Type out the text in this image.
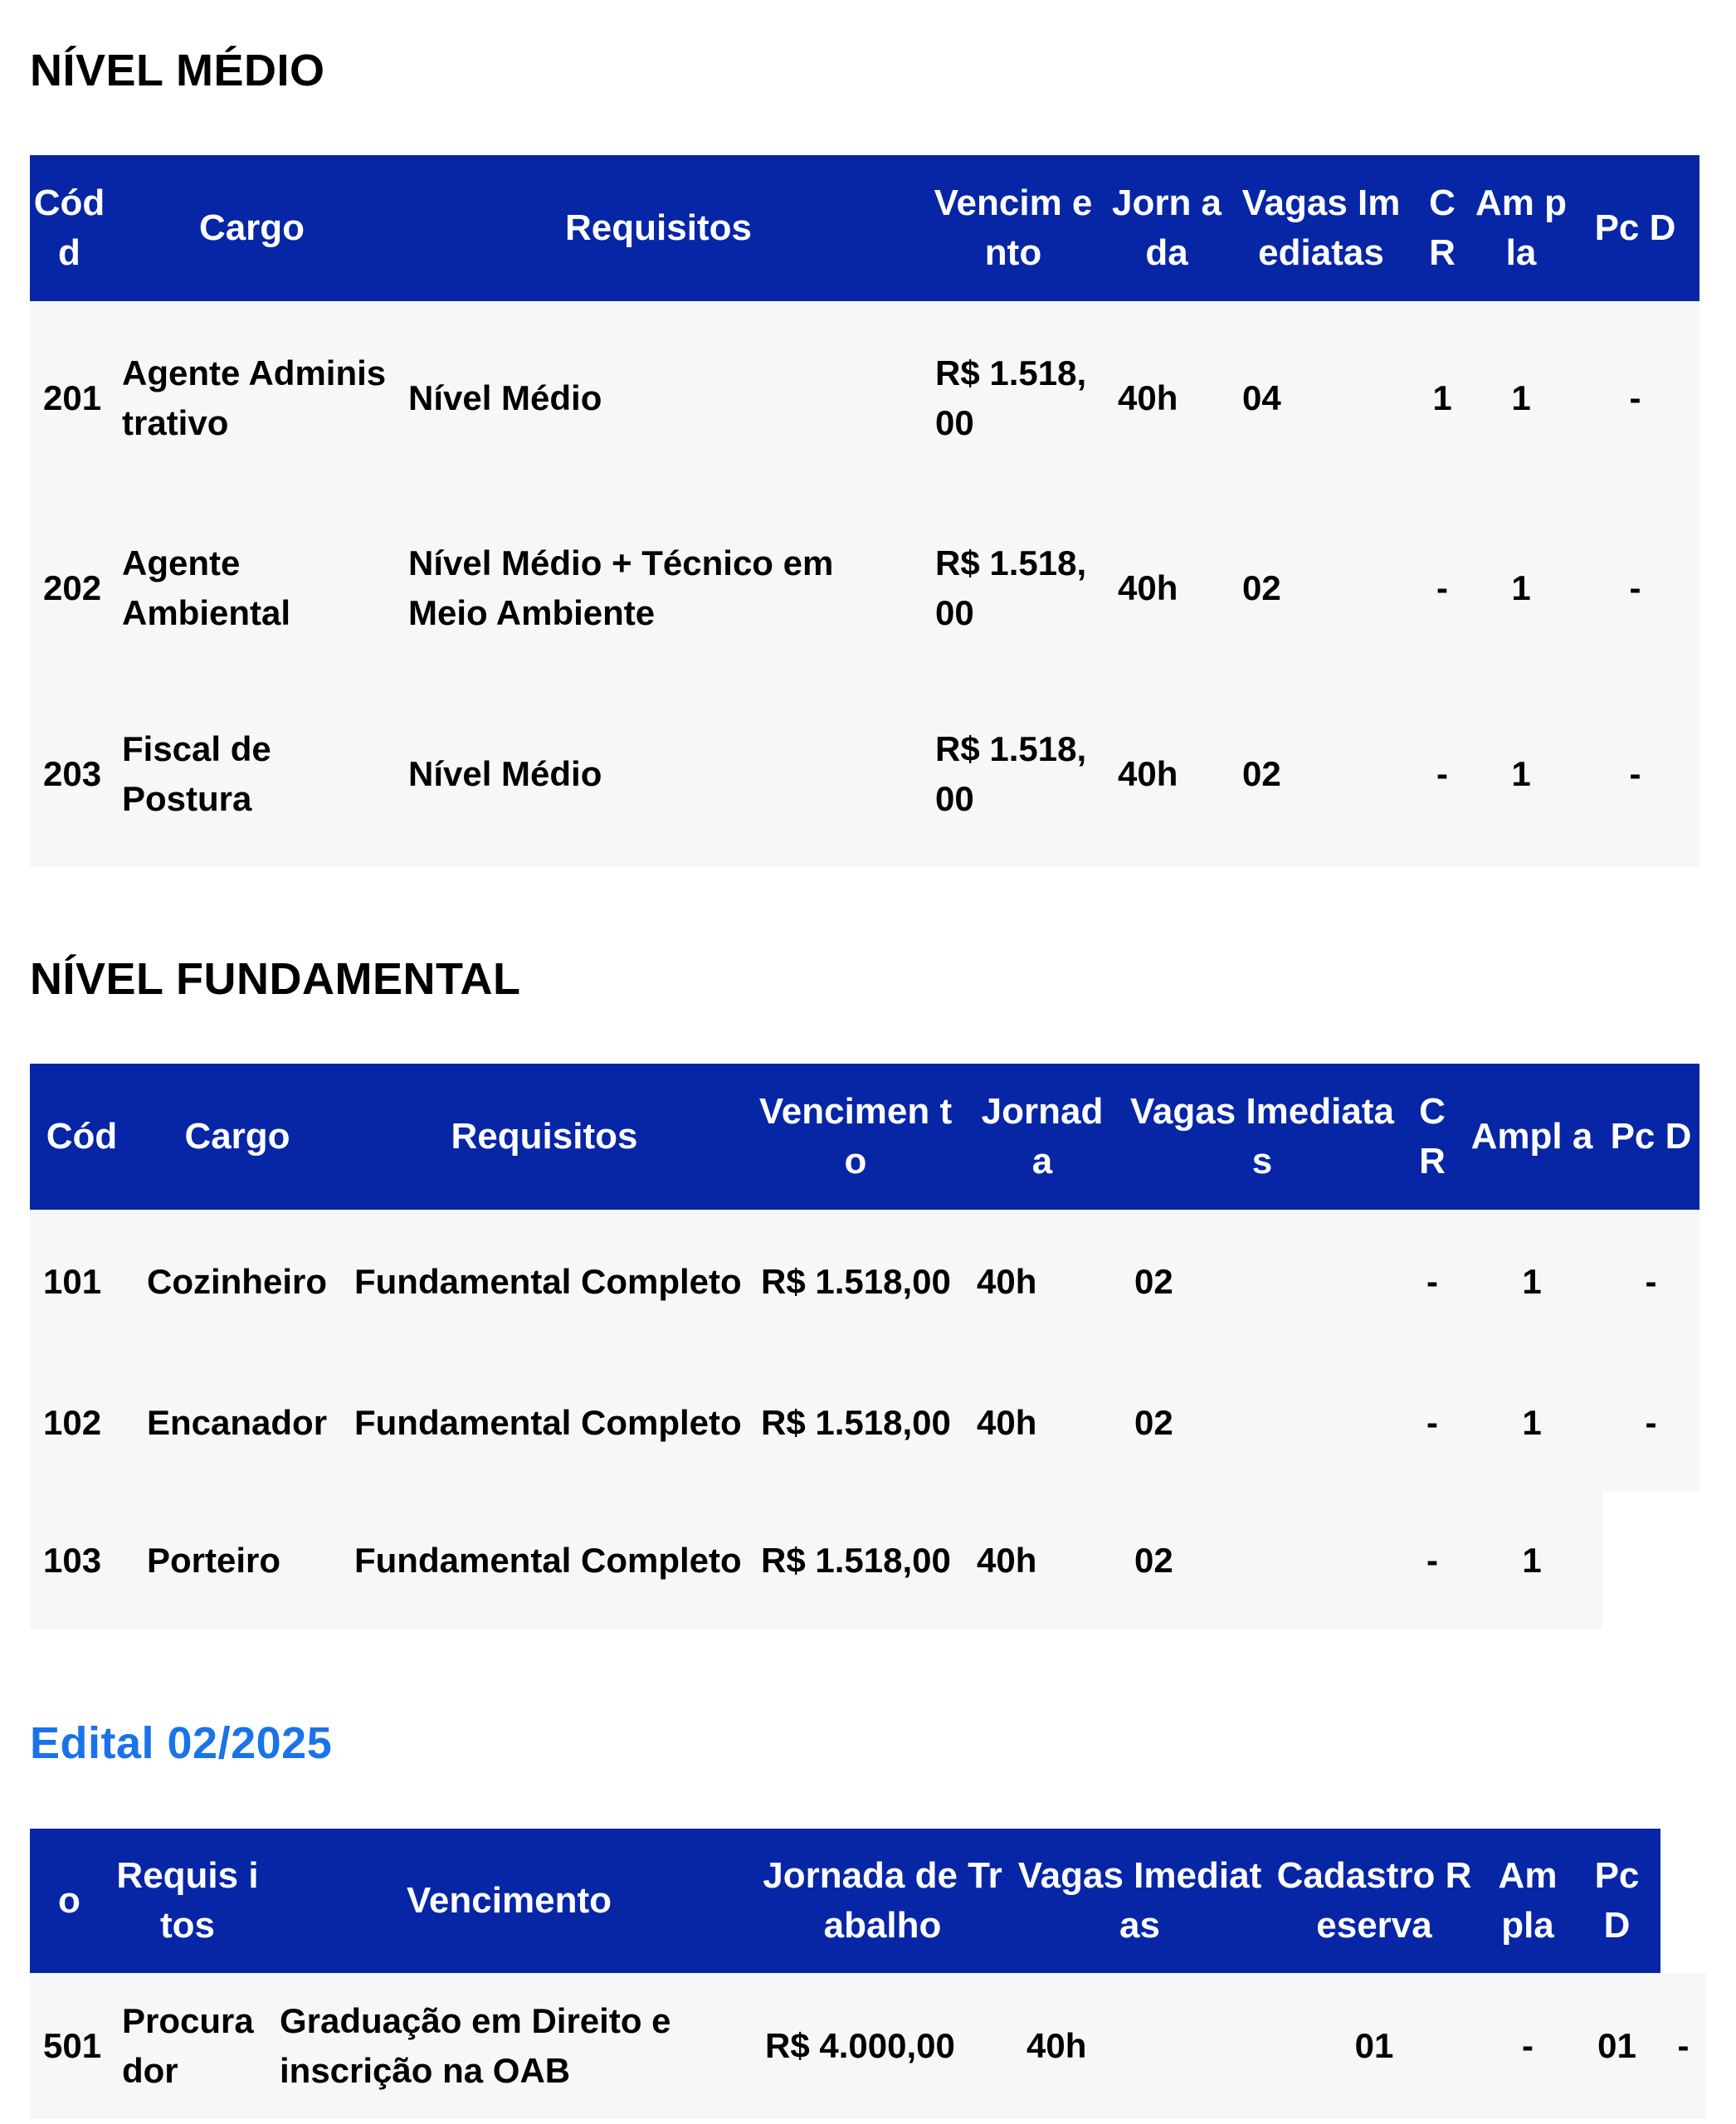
NÍVEL MÉDIO
Cód d	Cargo	Requisitos	Vencim ento	Jorn ada	Vagas Imediatas	C R	Am pla	Pc D
201	Agente Administrativo	Nível Médio	R$ 1.518,00	40h	04	1	1	-
202	Agente Ambiental	Nível Médio + Técnico em Meio Ambiente	R$ 1.518,00	40h	02	-	1	-
203	Fiscal de Postura	Nível Médio	R$ 1.518,00	40h	02	-	1	-
NÍVEL FUNDAMENTAL
Cód	Cargo	Requisitos	Vencimen to	Jornad a	Vagas Imediatas	C R	Ampl a	Pc D
101	Cozinheiro	Fundamental Completo	R$ 1.518,00	40h	02	-	1	-
102	Encanador	Fundamental Completo	R$ 1.518,00	40h	02	-	1	-
103	Porteiro	Fundamental Completo	R$ 1.518,00	40h	02	-	1	
Edital 02/2025
o	Requis itos	Vencimento	Jornada de Trabalho	Vagas Imediatas	Cadastro Reserva	Am pla	Pc D	
501	Procurador	Graduação em Direito e inscrição na OAB	R$ 4.000,00	40h	01	-	01	-
